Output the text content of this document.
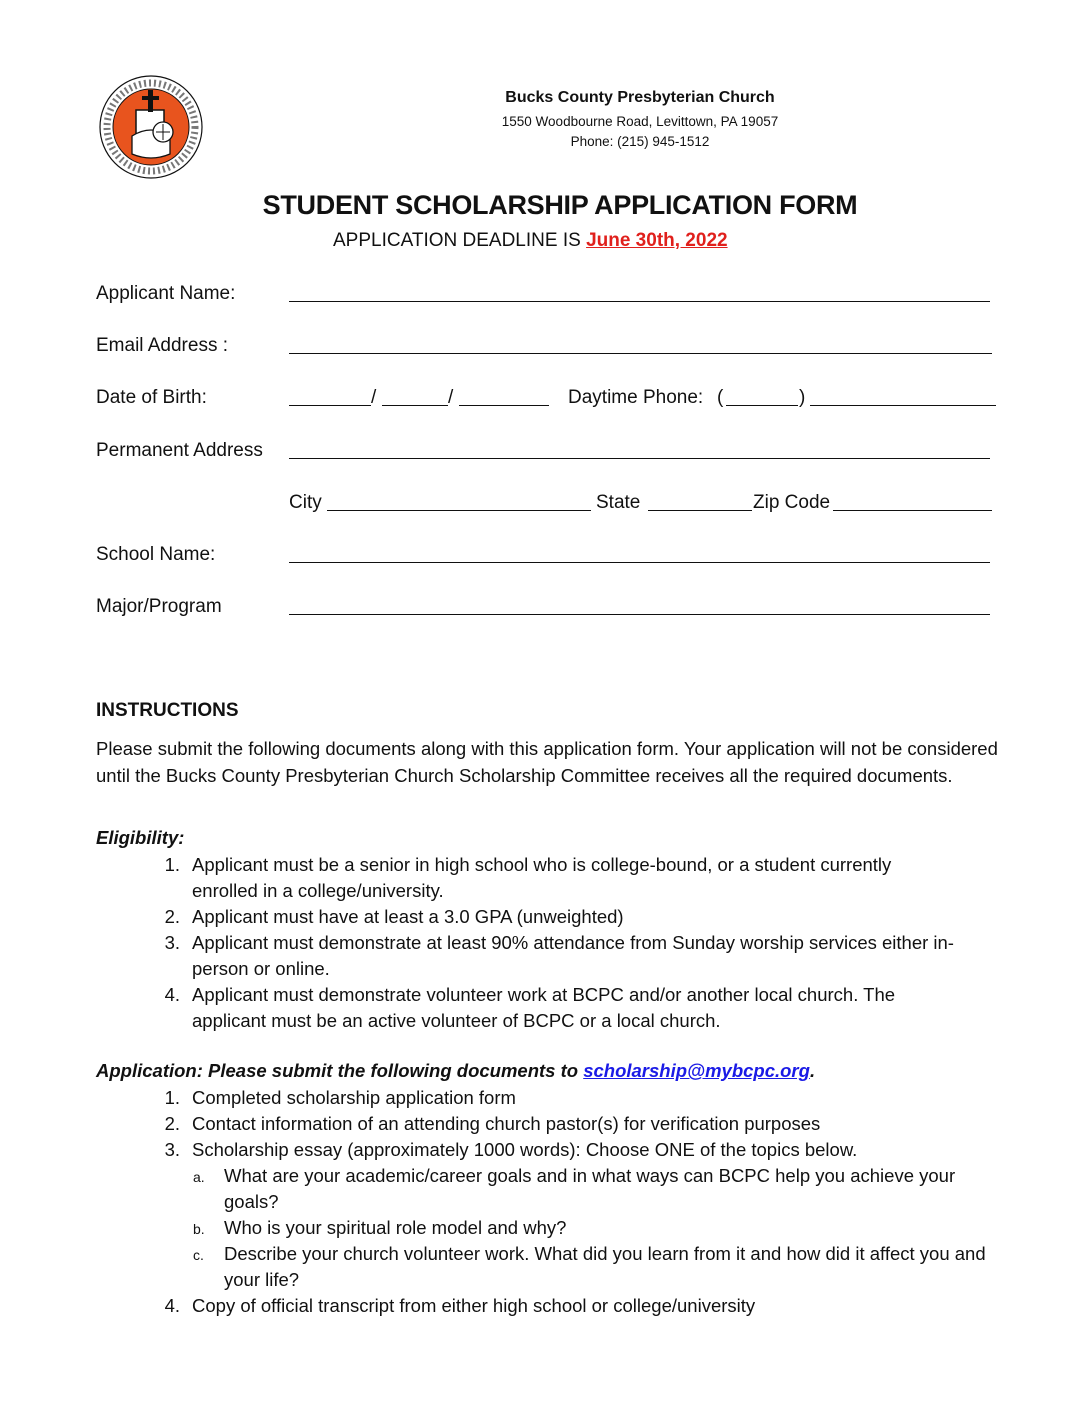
Bucks County Presbyterian Church
1550 Woodbourne Road, Levittown, PA 19057
Phone: (215) 945-1512
STUDENT SCHOLARSHIP APPLICATION FORM
APPLICATION DEADLINE IS June 30th, 2022
Applicant Name:
Email Address :
Date of Birth:	/	/	Daytime Phone: (	)
Permanent Address
City	State	Zip Code
School Name:
Major/Program
INSTRUCTIONS
Please submit the following documents along with this application form. Your application will not be considered until the Bucks County Presbyterian Church Scholarship Committee receives all the required documents.
Eligibility:
1. Applicant must be a senior in high school who is college-bound, or a student currently enrolled in a college/university.
2. Applicant must have at least a 3.0 GPA (unweighted)
3. Applicant must demonstrate at least 90% attendance from Sunday worship services either in-person or online.
4. Applicant must demonstrate volunteer work at BCPC and/or another local church. The applicant must be an active volunteer of BCPC or a local church.
Application: Please submit the following documents to scholarship@mybcpc.org.
1. Completed scholarship application form
2. Contact information of an attending church pastor(s) for verification purposes
3. Scholarship essay (approximately 1000 words): Choose ONE of the topics below.
a. What are your academic/career goals and in what ways can BCPC help you achieve your goals?
b. Who is your spiritual role model and why?
c. Describe your church volunteer work. What did you learn from it and how did it affect you and your life?
4. Copy of official transcript from either high school or college/university
